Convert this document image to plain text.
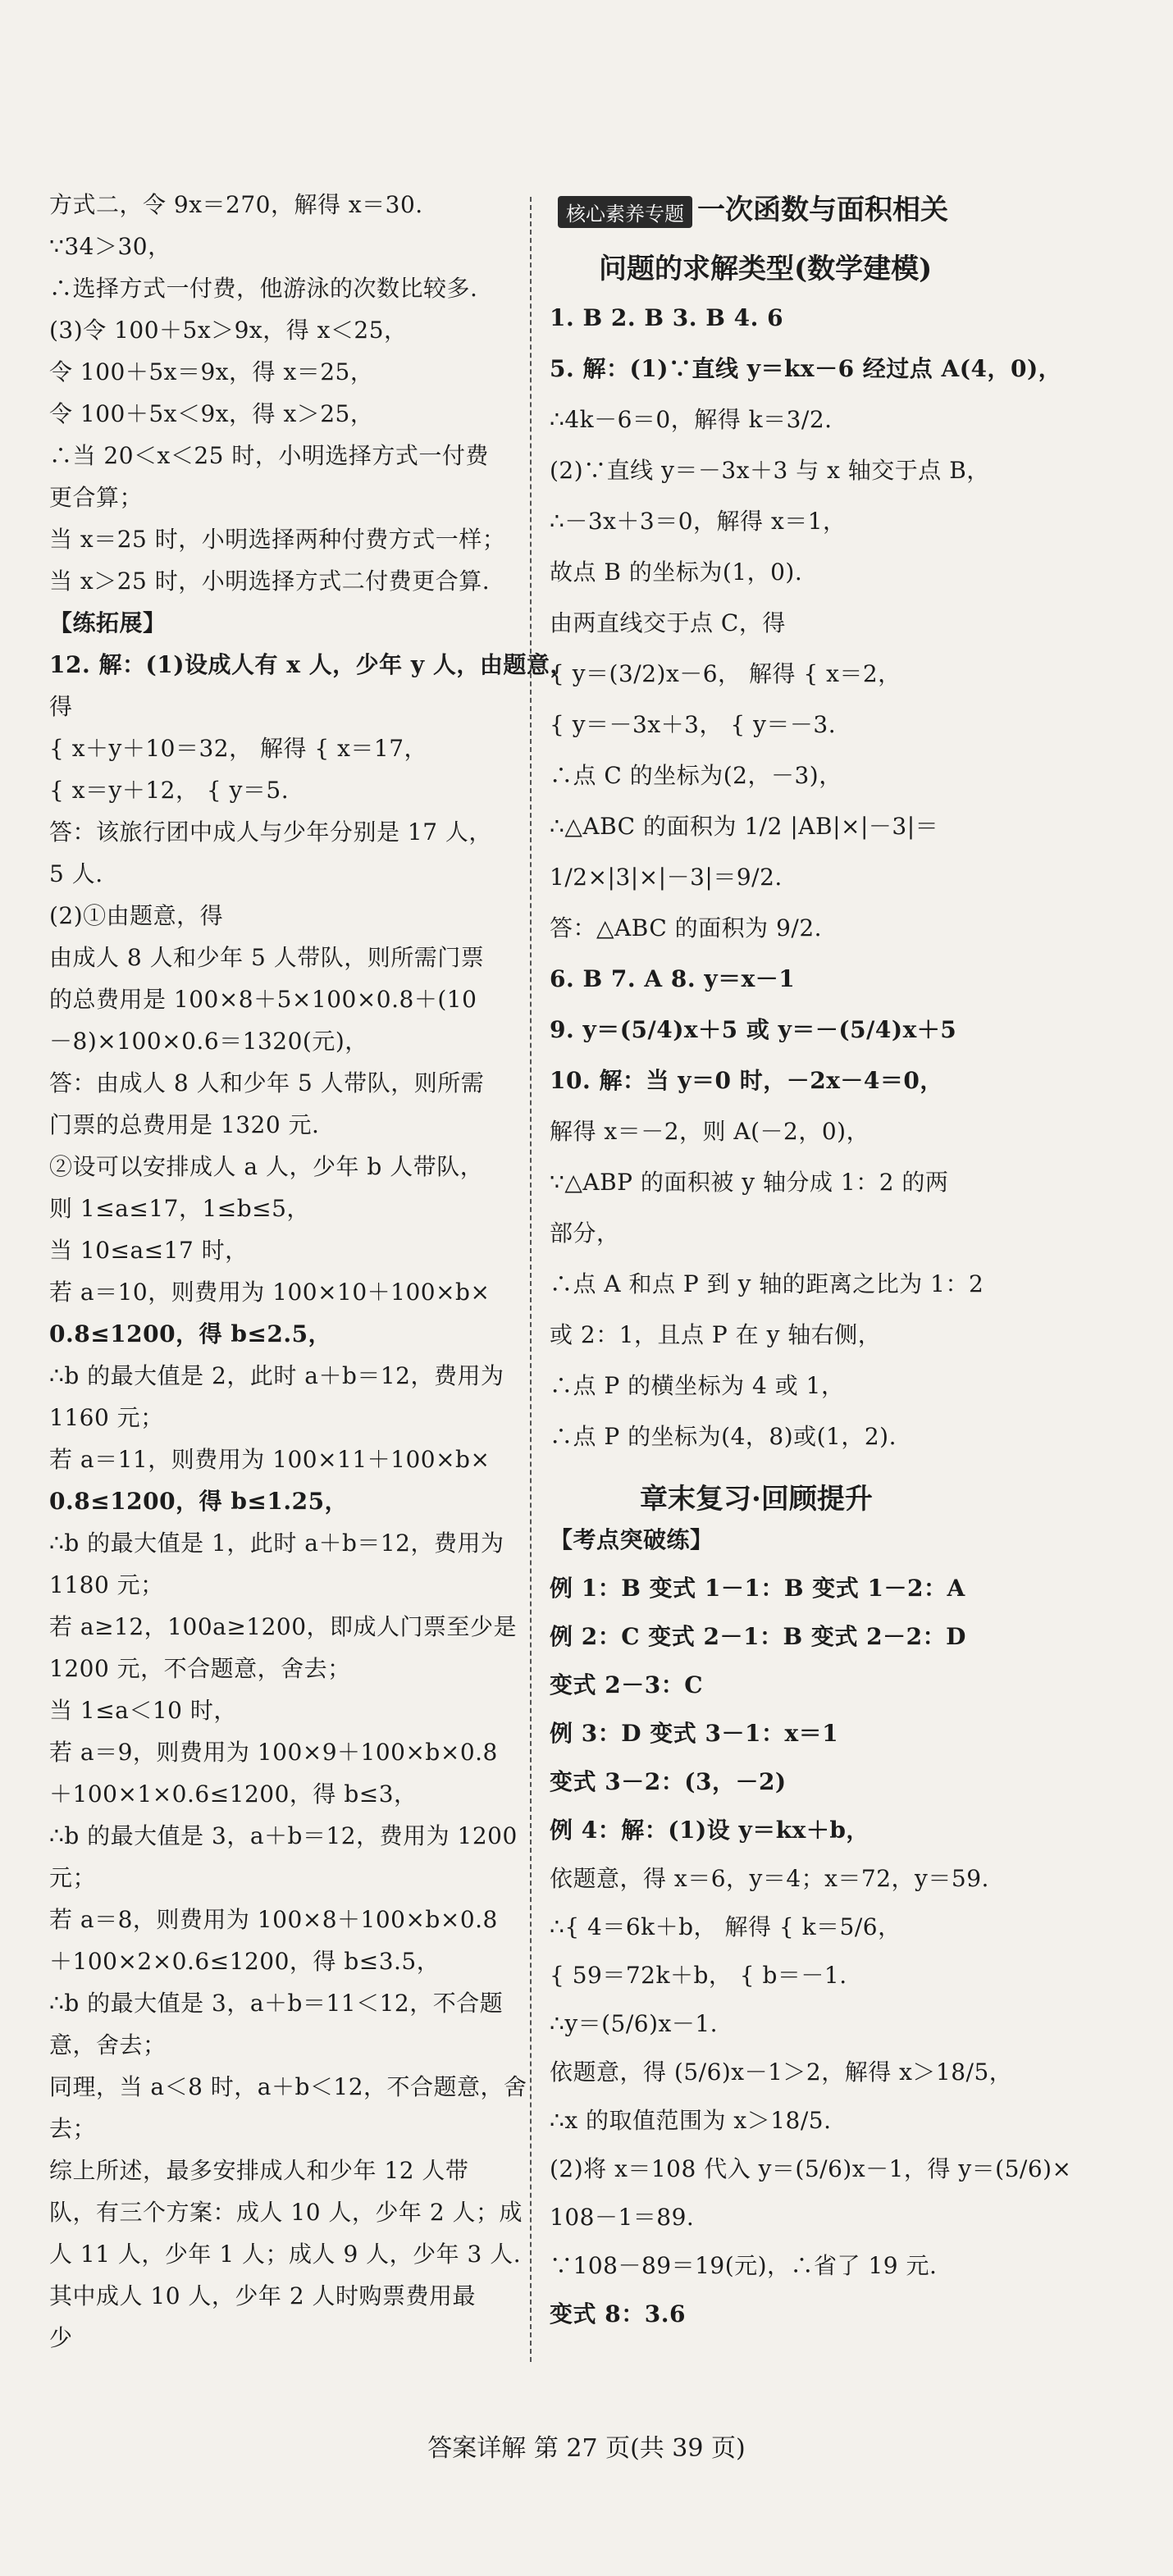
方式二，令 9x＝270，解得 x＝30.
∵34＞30，
∴选择方式一付费，他游泳的次数比较多.
(3)令 100＋5x＞9x，得 x＜25，
令 100＋5x＝9x，得 x＝25，
令 100＋5x＜9x，得 x＞25，
∴当 20＜x＜25 时，小明选择方式一付费
更合算；
当 x＝25 时，小明选择两种付费方式一样；
当 x＞25 时，小明选择方式二付费更合算.
【练拓展】
12. 解：(1)设成人有 x 人，少年 y 人，由题意，
得
{ x＋y＋10＝32， 解得 { x＝17，
{ x＝y＋12， { y＝5.
答：该旅行团中成人与少年分别是 17 人，
5 人.
(2)①由题意，得
由成人 8 人和少年 5 人带队，则所需门票
的总费用是 100×8＋5×100×0.8＋(10
－8)×100×0.6＝1320(元)，
答：由成人 8 人和少年 5 人带队，则所需
门票的总费用是 1320 元.
②设可以安排成人 a 人，少年 b 人带队，
则 1≤a≤17，1≤b≤5，
当 10≤a≤17 时，
若 a＝10，则费用为 100×10＋100×b×
0.8≤1200，得 b≤2.5，
∴b 的最大值是 2，此时 a＋b＝12，费用为
1160 元；
若 a＝11，则费用为 100×11＋100×b×
0.8≤1200，得 b≤1.25，
∴b 的最大值是 1，此时 a＋b＝12，费用为
1180 元；
若 a≥12，100a≥1200，即成人门票至少是
1200 元，不合题意，舍去；
当 1≤a＜10 时，
若 a＝9，则费用为 100×9＋100×b×0.8
＋100×1×0.6≤1200，得 b≤3，
∴b 的最大值是 3，a＋b＝12，费用为 1200
元；
若 a＝8，则费用为 100×8＋100×b×0.8
＋100×2×0.6≤1200，得 b≤3.5，
∴b 的最大值是 3，a＋b＝11＜12，不合题
意，舍去；
同理，当 a＜8 时，a＋b＜12，不合题意，舍
去；
综上所述，最多安排成人和少年 12 人带
队，有三个方案：成人 10 人，少年 2 人；成
人 11 人，少年 1 人；成人 9 人，少年 3 人.
其中成人 10 人，少年 2 人时购票费用最
少
核心素养专题 一次函数与面积相关
问题的求解类型(数学建模)
章末复习·回顾提升
1. B 2. B 3. B 4. 6
5. 解：(1)∵直线 y＝kx－6 经过点 A(4，0)，
∴4k－6＝0，解得 k＝3/2.
(2)∵直线 y＝－3x＋3 与 x 轴交于点 B，
∴－3x＋3＝0，解得 x＝1，
故点 B 的坐标为(1，0).
由两直线交于点 C，得
{ y＝(3/2)x－6， 解得 { x＝2，
{ y＝－3x＋3， { y＝－3.
∴点 C 的坐标为(2，－3)，
∴△ABC 的面积为 1/2 |AB|×|－3|＝
1/2×|3|×|－3|＝9/2.
答：△ABC 的面积为 9/2.
6. B 7. A 8. y＝x－1
9. y＝(5/4)x＋5 或 y＝－(5/4)x＋5
10. 解：当 y＝0 时，－2x－4＝0，
解得 x＝－2，则 A(－2，0)，
∵△ABP 的面积被 y 轴分成 1：2 的两
部分，
∴点 A 和点 P 到 y 轴的距离之比为 1：2
或 2：1，且点 P 在 y 轴右侧，
∴点 P 的横坐标为 4 或 1，
∴点 P 的坐标为(4，8)或(1，2).
【考点突破练】
例 1：B 变式 1－1：B 变式 1－2：A
例 2：C 变式 2－1：B 变式 2－2：D
变式 2－3：C
例 3：D 变式 3－1：x＝1
变式 3－2：(3，－2)
例 4：解：(1)设 y＝kx＋b，
依题意，得 x＝6，y＝4；x＝72，y＝59.
∴{ 4＝6k＋b， 解得 { k＝5/6，
{ 59＝72k＋b， { b＝－1.
∴y＝(5/6)x－1.
依题意，得 (5/6)x－1＞2，解得 x＞18/5，
∴x 的取值范围为 x＞18/5.
(2)将 x＝108 代入 y＝(5/6)x－1，得 y＝(5/6)×
108－1＝89.
∵108－89＝19(元)，∴省了 19 元.
变式 8：3.6
答案详解 第 27 页(共 39 页)
